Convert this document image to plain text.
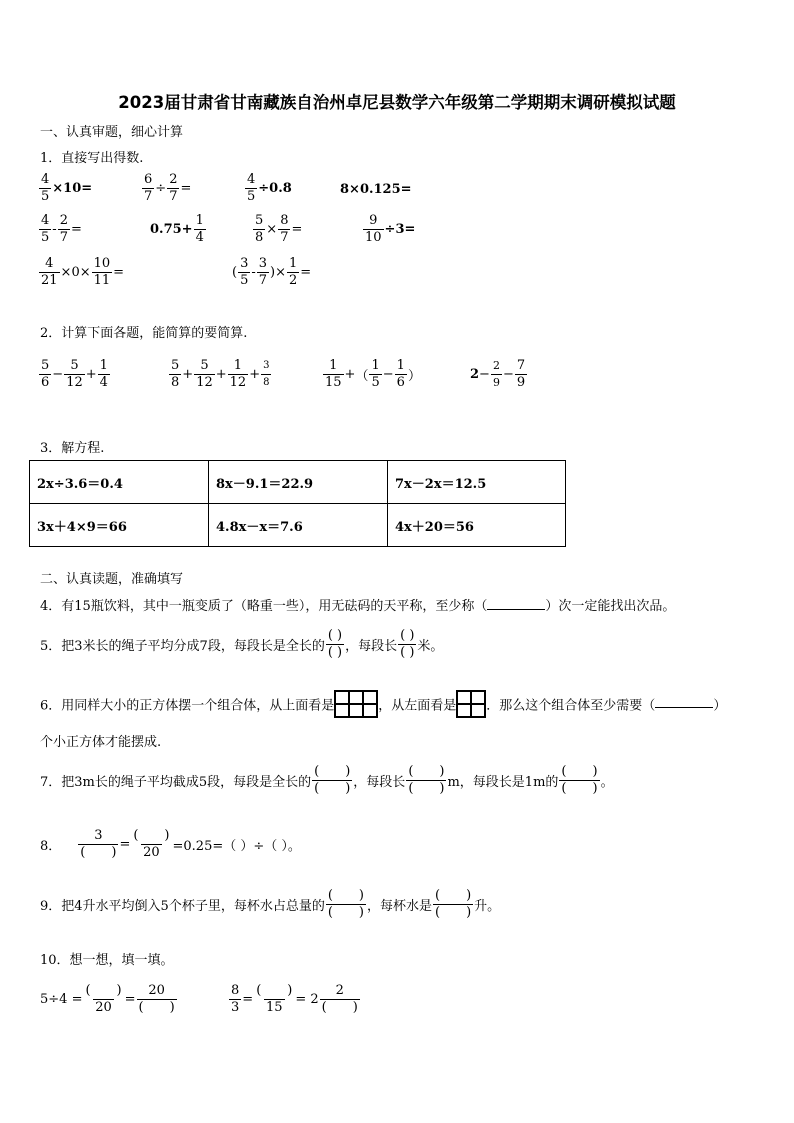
2023届甘肃省甘南藏族自治州卓尼县数学六年级第二学期期末调研模拟试题
一、认真审题，细心计算
1．直接写出得数.
$\frac{4}{5} \times 10=$	$\frac{6}{7} \div \frac{2}{7}$ =	$\frac{4}{5} \div 0.8$	8×0.125=
$\frac{4}{5} - \frac{2}{7}$ =	$0.75+ \frac{1}{4}$	$\frac{5}{8} \times \frac{8}{7}$ =	$\frac{9}{10} \div 3=$
$\frac{4}{21} \times 0\times \frac{10}{11}$ =	( $\frac{3}{5} - \frac{3}{7}$ )× $\frac{1}{2}$ =
2．计算下面各题，能简算的要简算.
$\frac{5}{6} - \frac{5}{12} + \frac{1}{4}$	$\frac{5}{8} + \frac{5}{12} + \frac{1}{12} + \frac{3}{8}$	$\frac{1}{15}$ +（ $\frac{1}{5} - \frac{1}{6}$ ）	$2- \frac{2}{9} - \frac{7}{9}$
3．解方程.
2x÷3.6＝0.4	8x－9.1＝22.9	7x－2x＝12.5
3x＋4×9＝66	4.8x－x＝7.6	4x＋20＝56
二、认真读题，准确填写
4．有15瓶饮料，其中一瓶变质了（略重一些），用无砝码的天平称，至少称（	）次一定能找出次品。
5．把3米长的绳子平均分成7段，每段长是全长的
( )
( ) ，每段长
( )
( ) 米。
6．用同样大小的正方体摆一个组合体，从上面看是	，从左面看是 ．那么这个组合体至少需要（	）
个小正方体才能摆成.
7．把3m长的绳子平均截成5段，每段是全长的
(　　)
(　　) ，每段长
(　　)
(　　) m，每段长是1m的
(　　)
(　　) 。
8．
3
(　　)
=
(　　)
20 =0.25=（ ）÷（ ）。
9．把4升水平均倒入5个杯子里，每杯水占总量的
(　　)
(　　) ，每杯水是
(　　)
(　　) 升。
10．想一想，填一填。
5÷4 =
(　　)
20
=
20
(　　)	$\frac{8}{3}$ =
(　　)
15
= 2
2
(　　)
